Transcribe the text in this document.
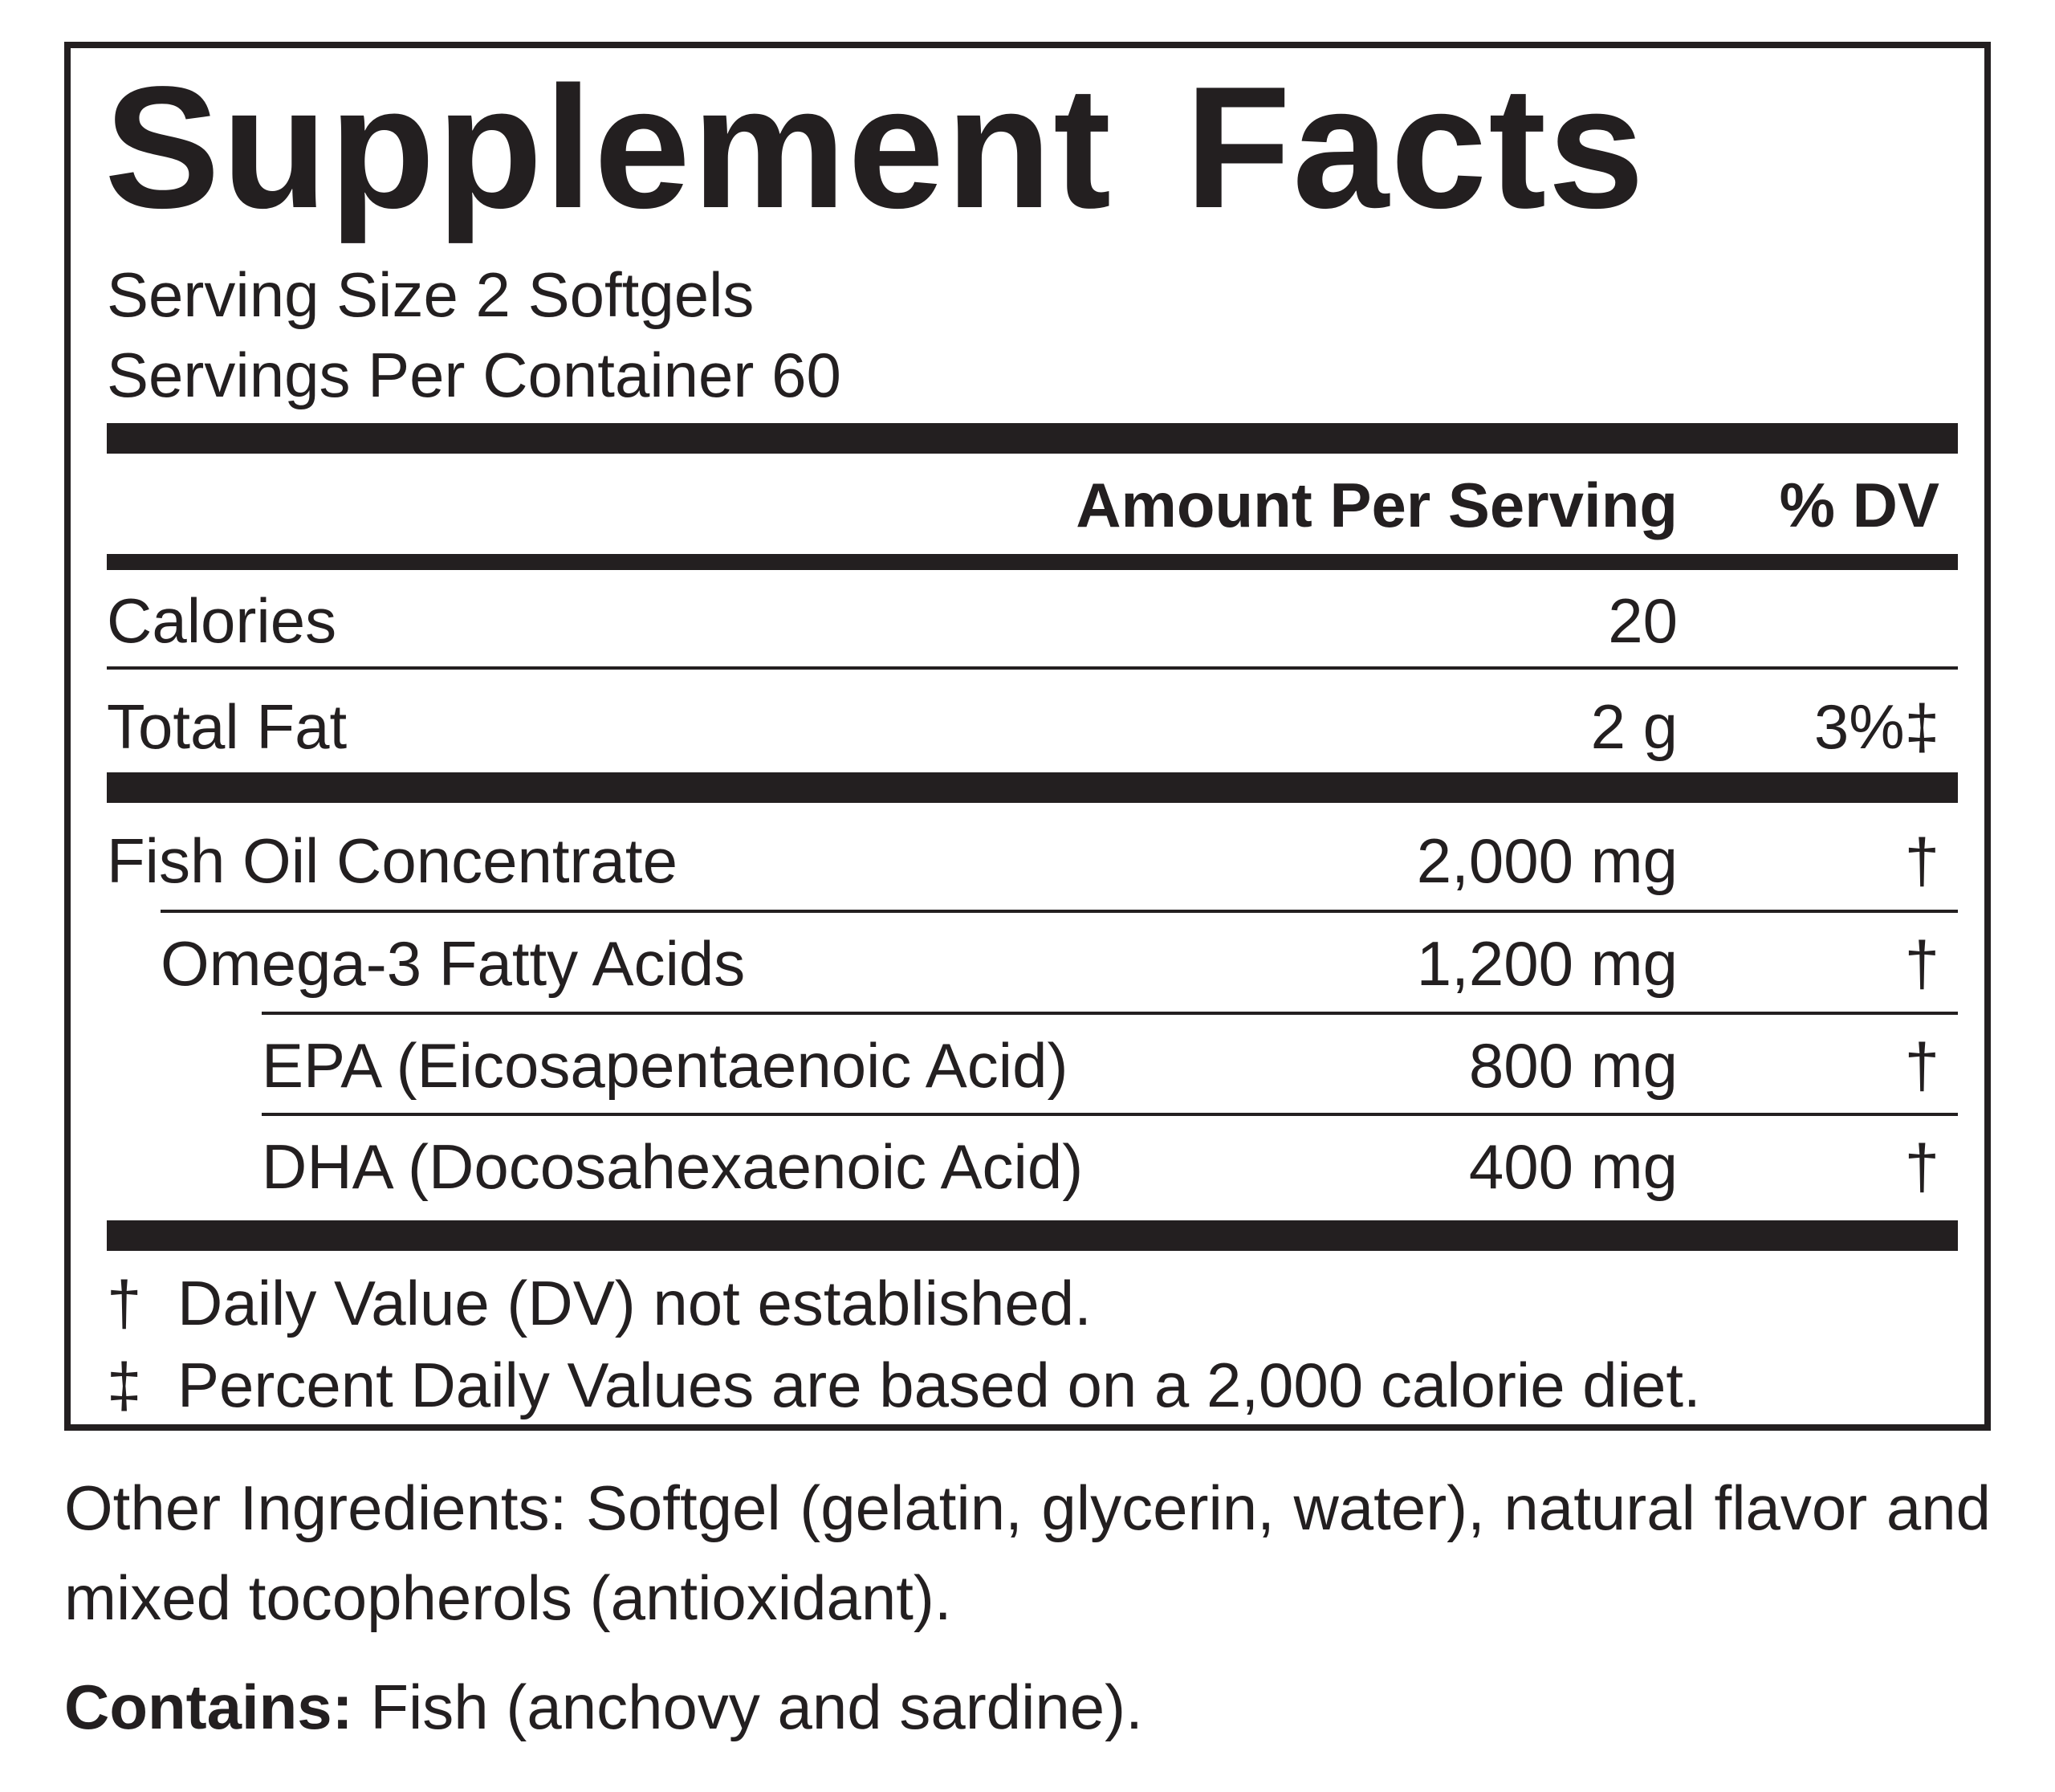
Supplement Facts
Serving Size 2 Softgels
Servings Per Container 60
Amount Per Serving % DV
Calories	20
Total Fat	2 g 3%‡
Fish Oil Concentrate	2,000 mg	†
Omega-3 Fatty Acids	1,200 mg	†
EPA (Eicosapentaenoic Acid)	800 mg	†
DHA (Docosahexaenoic Acid)	400 mg	†
† Daily Value (DV) not established.
‡ Percent Daily Values are based on a 2,000 calorie diet.
Other Ingredients: Softgel (gelatin, glycerin, water), natural flavor and mixed tocopherols (antioxidant).
Contains: Fish (anchovy and sardine).
